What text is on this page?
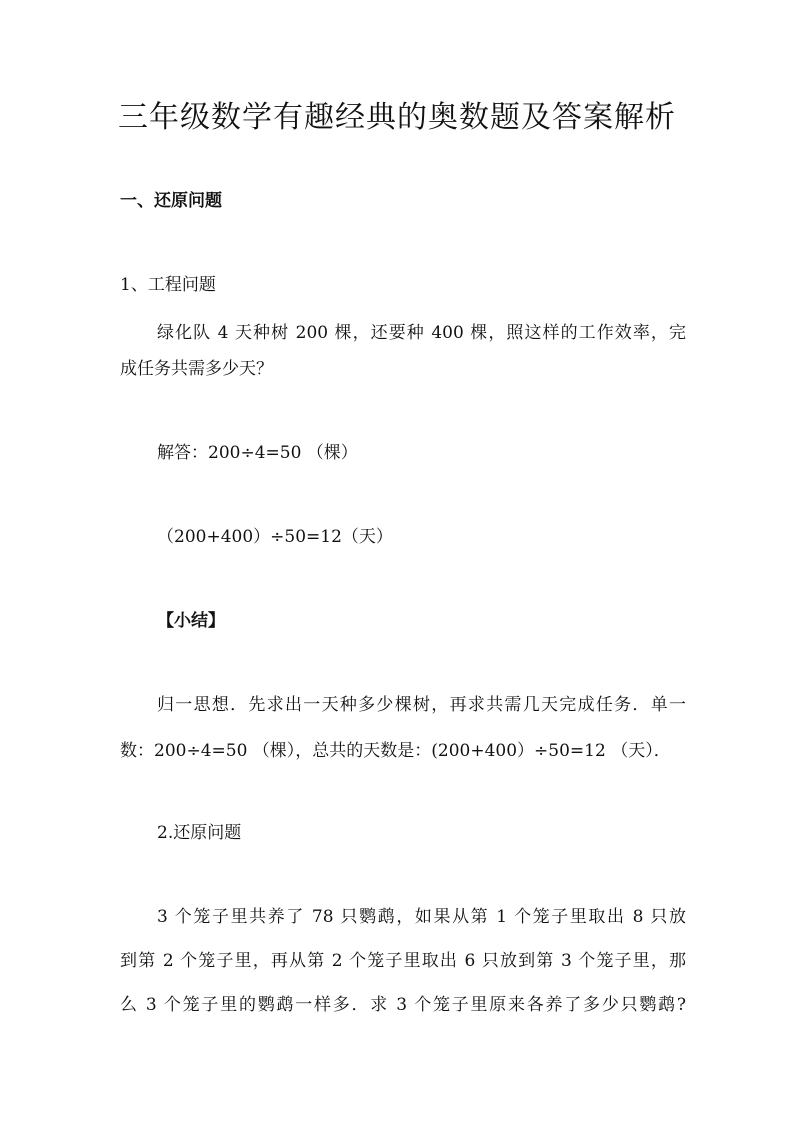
三年级数学有趣经典的奥数题及答案解析

一、还原问题

1、工程问题

绿化队 4 天种树 200 棵，还要种 400 棵，照这样的工作效率，完

成任务共需多少天？

解答：200÷4=50 （棵）

（200+400）÷50=12（天）

【小结】

归一思想．先求出一天种多少棵树，再求共需几天完成任务．单一

数：200÷4=50 （棵），总共的天数是：(200+400）÷50=12 （天）．

2.还原问题

3 个笼子里共养了 78 只鹦鹉，如果从第 1 个笼子里取出 8 只放

到第 2 个笼子里，再从第 2 个笼子里取出 6 只放到第 3 个笼子里，那

么 3 个笼子里的鹦鹉一样多．求 3 个笼子里原来各养了多少只鹦鹉?
